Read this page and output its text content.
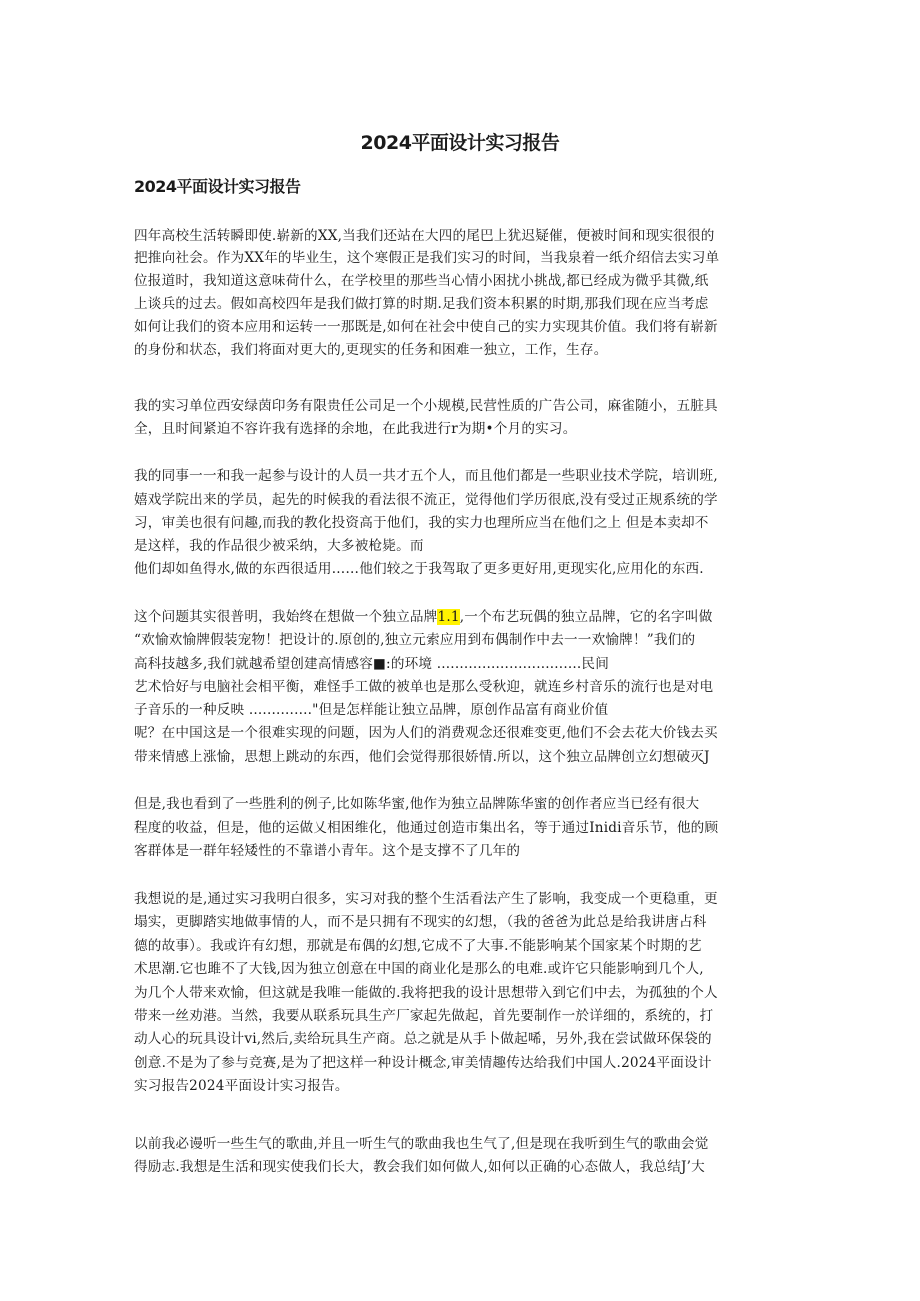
2024平面设计实习报告
2024平面设计实习报告
四年高校生活转瞬即使.崭新的XX,当我们还站在大四的尾巴上犹迟疑催，便被时间和现实很很的
把推向社会。作为XX年的毕业生，这个寒假正是我们实习的时间，当我泉着一纸介绍信去实习单
位报道时，我知道这意味荷什么，在学校里的那些当心情小困扰小挑战,都已经成为微乎其微,纸
上谈兵的过去。假如高校四年是我们做打算的时期.足我们资本积累的时期,那我们现在应当考虑
如何让我们的资本应用和运转一一那既是,如何在社会中使自己的实力实现其价值。我们将有崭新
的身份和状态，我们将面对更大的,更现实的任务和困难一独立，工作，生存。
我的实习单位西安绿茵印务有限贵任公司足一个小规模,民营性质的广告公司，麻雀随小，五脏具
全，且时间紧迫不容许我有选择的余地，在此我进行r为期•个月的实习。
我的同事一一和我一起参与设计的人员一共才五个人，而且他们都是一些职业技术学院，培训班,
嬉戏学院出来的学员，起先的时候我的看法很不流正，觉得他们学历很底,没有受过正规系统的学
习，审美也很有问趣,而我的教化投资高于他们，我的实力也理所应当在他们之上 但是本卖却不
是这样，我的作品很少被采纳，大多被枪毙。而
他们却如鱼得水,做的东西很适用……他们较之于我驾取了更多更好用,更现实化,应用化的东西.
这个问题其实很普明，我始终在想做一个独立品牌1.1,一个布艺玩偶的独立品牌，它的名字叫做
“欢愉欢愉牌假装宠物！把设计的.原创的,独立元索应用到布偶制作中去一一欢愉牌！”我们的
高科技越多,我们就越希望创建高情感容■:的环境 ................................民间
艺术恰好与电脑社会相平衡，难怪手工做的被单也是那么受秋迎，就连乡村音乐的流行也是对电
子音乐的一种反映 .............."但是怎样能让独立品牌，原创作品富有商业价值
呢？在中国这是一个很难实现的问题，因为人们的消费观念还很难变更,他们不会去花大价钱去买
带来情感上涨愉，思想上跳动的东西，他们会觉得那很娇情.所以，这个独立品牌创立幻想破灭J
但是,我也看到了一些胜利的例子,比如陈华蜜,他作为独立品牌陈华蜜的创作者应当已经有很大
程度的收益，但是，他的运做乂相困维化，他通过创造市集出名，等于通过Inidi音乐节，他的顾
客群体是一群年轻矮性的不靠谱小青年。这个是支撑不了几年的
我想说的是,通过实习我明白很多，实习对我的整个生活看法产生了影响，我变成一个更稳重，更
塌实，更脚踏实地做事情的人，而不是只拥有不现实的幻想，（我的爸爸为此总是给我讲唐占科
德的故事）。我或许有幻想，那就是布偶的幻想,它成不了大事.不能影响某个国家某个时期的艺
术思潮.它也雎不了大钱,因为独立创意在中国的商业化是那么的电难.或许它只能影响到几个人,
为几个人带来欢愉，但这就是我唯一能做的.我将把我的设计思想带入到它们中去，为孤独的个人
带来一丝劝港。当然，我要从联系玩具生产厂家起先做起，首先要制作一於详细的，系统的，打
动人心的玩具设计vi,然后,卖给玩具生产商。总之就是从手卜做起唏，另外,我在尝试做环保袋的
创意.不是为了参与竞赛,是为了把这样一种设计概念,审美情趣传达给我们中国人.2024平面设计
实习报告2024平面设计实习报告。
以前我必谩听一些生气的歌曲,并且一听生气的歌曲我也生气了,但是现在我听到生气的歌曲会觉
得励志.我想是生活和现实使我们长大，教会我们如何做人,如何以正确的心态做人，我总结J’大
